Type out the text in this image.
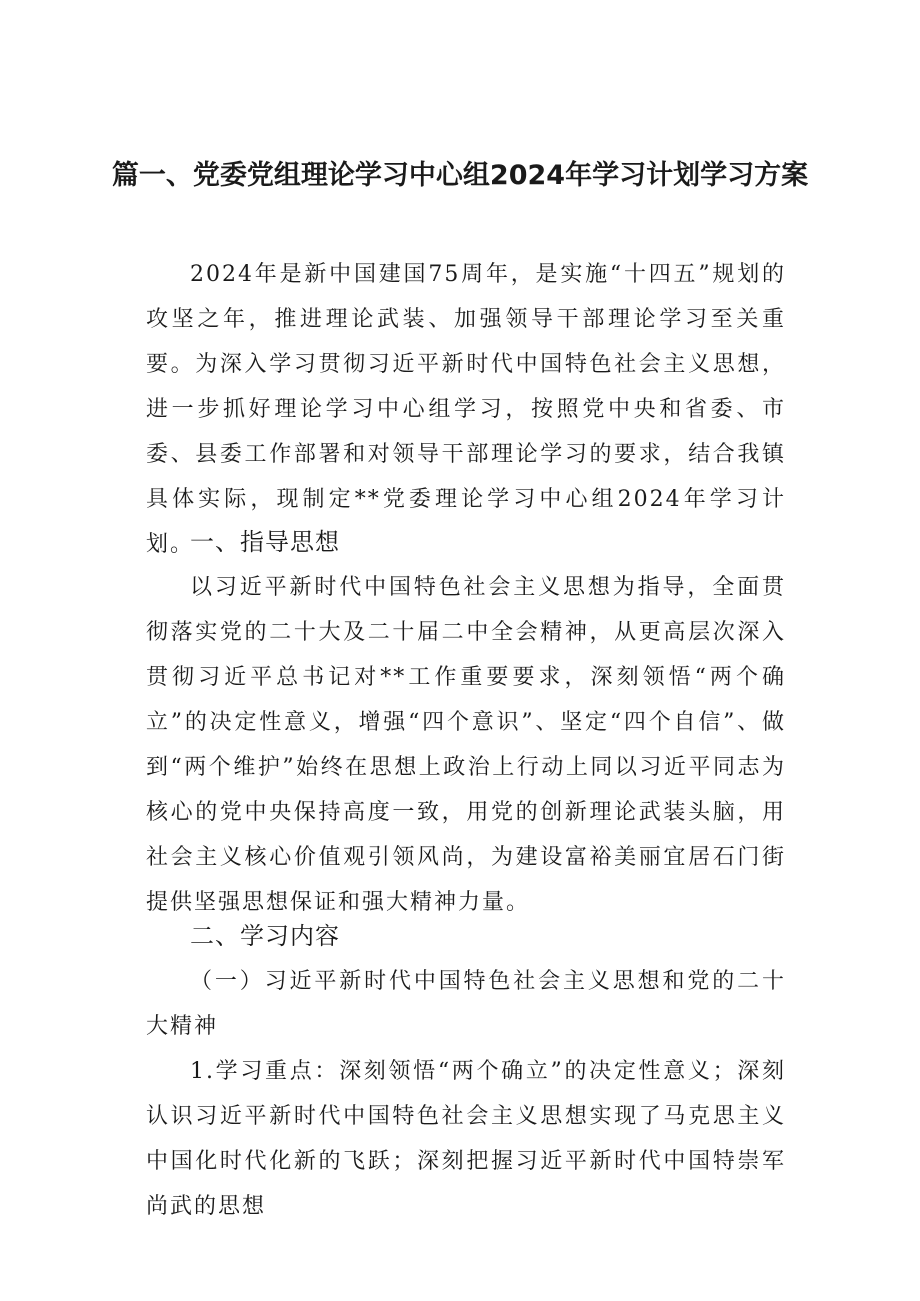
篇一、党委党组理论学习中心组2024年学习计划学习方案

2024年是新中国建国75周年，是实施“十四五”规划的攻坚之年，推进理论武装、加强领导干部理论学习至关重要。为深入学习贯彻习近平新时代中国特色社会主义思想，进一步抓好理论学习中心组学习，按照党中央和省委、市委、县委工作部署和对领导干部理论学习的要求，结合我镇具体实际，现制定**党委理论学习中心组2024年学习计划。

一、指导思想

以习近平新时代中国特色社会主义思想为指导，全面贯彻落实党的二十大及二十届二中全会精神，从更高层次深入贯彻习近平总书记对**工作重要要求，深刻领悟“两个确立”的决定性意义，增强“四个意识”、坚定“四个自信”、做到“两个维护”始终在思想上政治上行动上同以习近平同志为核心的党中央保持高度一致，用党的创新理论武装头脑，用社会主义核心价值观引领风尚，为建设富裕美丽宜居石门街提供坚强思想保证和强大精神力量。

二、学习内容

（一）习近平新时代中国特色社会主义思想和党的二十大精神

1.学习重点：深刻领悟“两个确立”的决定性意义；深刻认识习近平新时代中国特色社会主义思想实现了马克思主义中国化时代化新的飞跃；深刻把握习近平新时代中国特崇军尚武的思想
